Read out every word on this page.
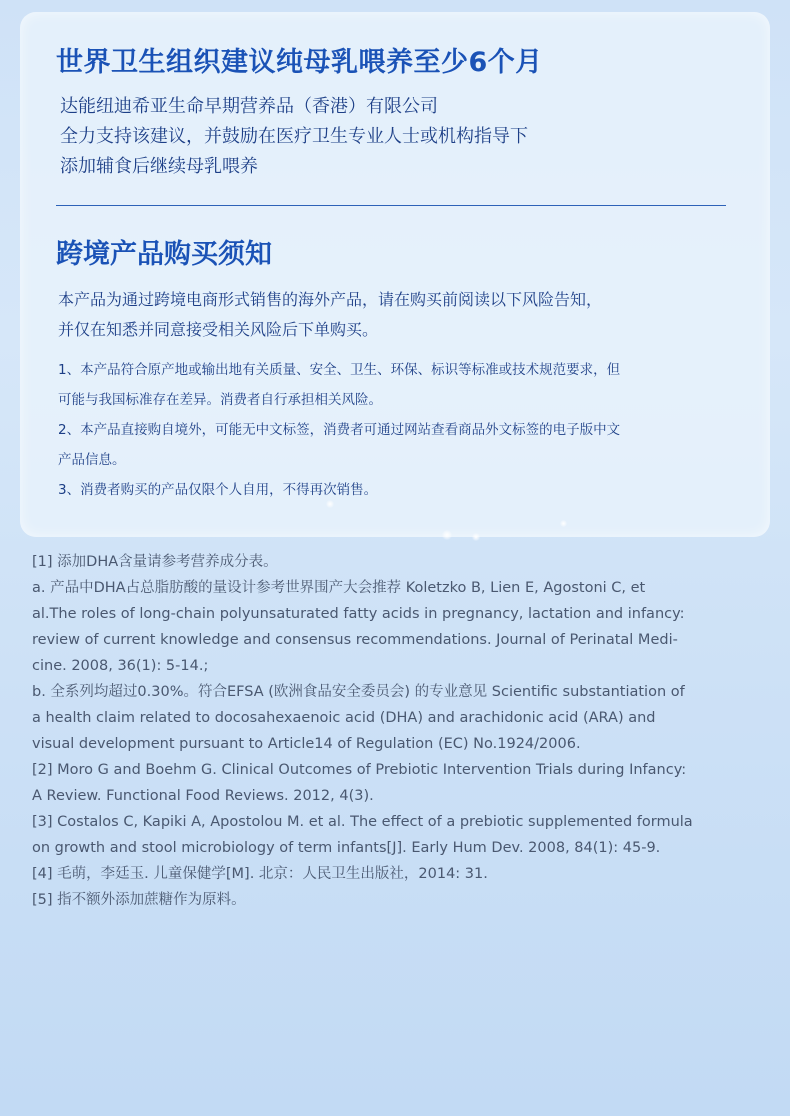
世界卫生组织建议纯母乳喂养至少6个月
达能纽迪希亚生命早期营养品（香港）有限公司
全力支持该建议，并鼓励在医疗卫生专业人士或机构指导下
添加辅食后继续母乳喂养
跨境产品购买须知
本产品为通过跨境电商形式销售的海外产品，请在购买前阅读以下风险告知，
并仅在知悉并同意接受相关风险后下单购买。
1、本产品符合原产地或输出地有关质量、安全、卫生、环保、标识等标准或技术规范要求，但
可能与我国标准存在差异。消费者自行承担相关风险。
2、本产品直接购自境外，可能无中文标签，消费者可通过网站查看商品外文标签的电子版中文
产品信息。
3、消费者购买的产品仅限个人自用，不得再次销售。
[1] 添加DHA含量请参考营养成分表。
a. 产品中DHA占总脂肪酸的量设计参考世界围产大会推荐 Koletzko B, Lien E, Agostoni C, et
al.The roles of long-chain polyunsaturated fatty acids in pregnancy, lactation and infancy:
review of current knowledge and consensus recommendations. Journal of Perinatal Medi-
cine. 2008, 36(1): 5-14.;
b. 全系列均超过0.30%。符合EFSA (欧洲食品安全委员会) 的专业意见 Scientific substantiation of
a health claim related to docosahexaenoic acid (DHA) and arachidonic acid (ARA) and
visual development pursuant to Article14 of Regulation (EC) No.1924/2006.
[2] Moro G and Boehm G. Clinical Outcomes of Prebiotic Intervention Trials during Infancy:
A Review. Functional Food Reviews. 2012, 4(3).
[3] Costalos C, Kapiki A, Apostolou M. et al. The effect of a prebiotic supplemented formula
on growth and stool microbiology of term infants[J]. Early Hum Dev. 2008, 84(1): 45-9.
[4] 毛萌，李廷玉. 儿童保健学[M]. 北京：人民卫生出版社，2014: 31.
[5] 指不额外添加蔗糖作为原料。
